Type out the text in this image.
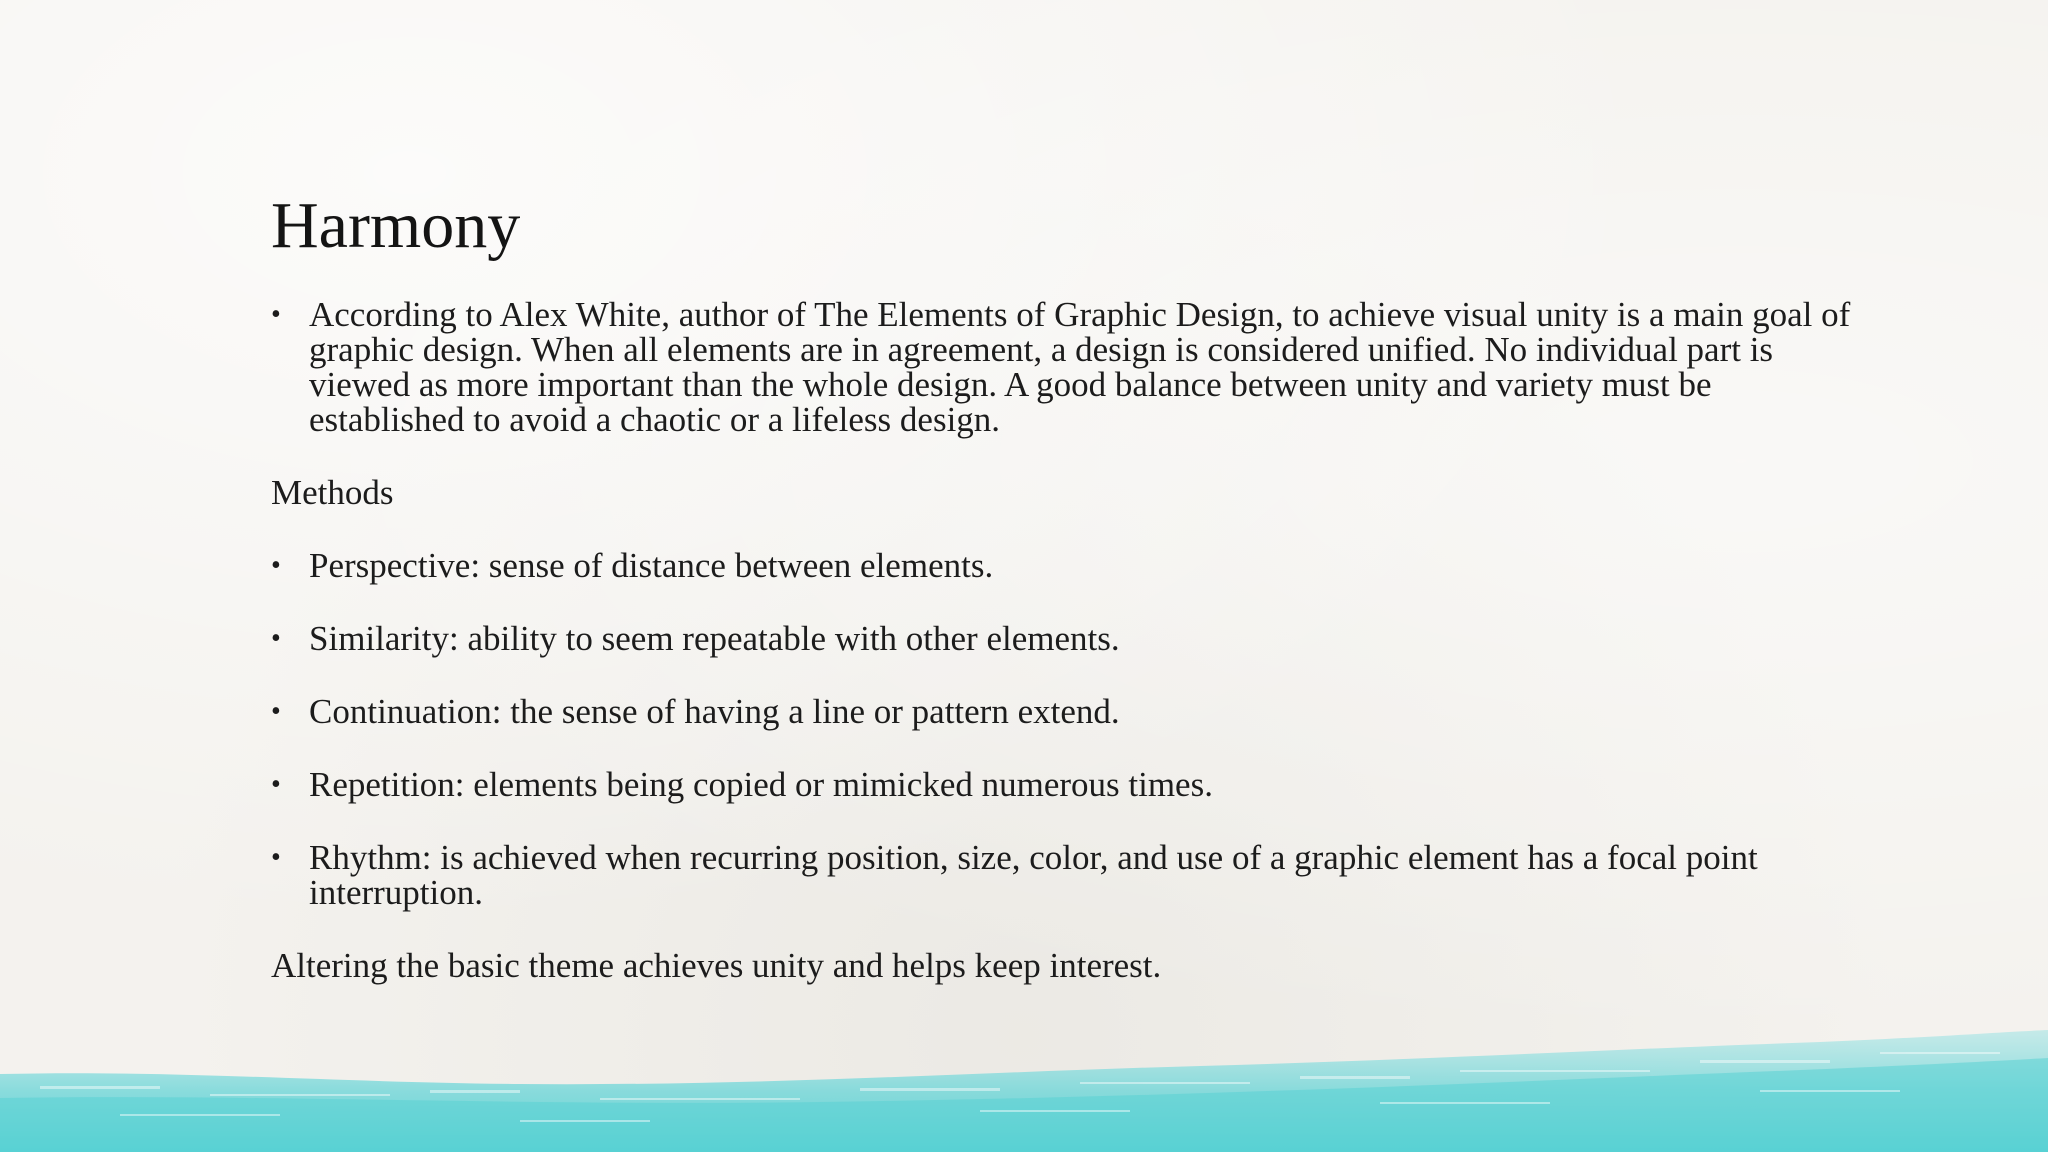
Harmony
• According to Alex White, author of The Elements of Graphic Design, to achieve visual unity is a main goal of graphic design. When all elements are in agreement, a design is considered unified. No individual part is viewed as more important than the whole design. A good balance between unity and variety must be established to avoid a chaotic or a lifeless design.
Methods
• Perspective: sense of distance between elements.
• Similarity: ability to seem repeatable with other elements.
• Continuation: the sense of having a line or pattern extend.
• Repetition: elements being copied or mimicked numerous times.
• Rhythm: is achieved when recurring position, size, color, and use of a graphic element has a focal point interruption.
Altering the basic theme achieves unity and helps keep interest.
